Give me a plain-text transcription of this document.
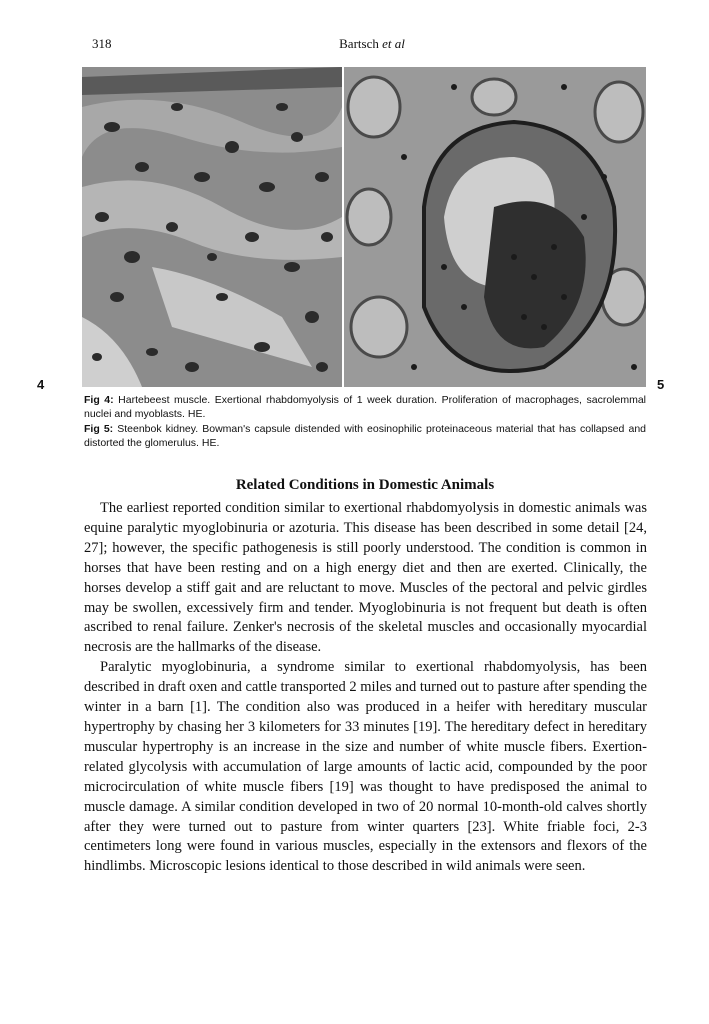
318	Bartsch et al
4	5

Fig 4: Hartebeest muscle. Exertional rhabdomyolysis of 1 week duration. Proliferation of macrophages, sacrolemmal nuclei and myoblasts. HE.

Fig 5: Steenbok kidney. Bowman's capsule distended with eosinophilic proteinaceous material that has collapsed and distorted the glomerulus. HE.

Related Conditions in Domestic Animals

The earliest reported condition similar to exertional rhabdomyolysis in domestic animals was equine paralytic myoglobinuria or azoturia. This disease has been described in some detail [24, 27]; however, the specific pathogenesis is still poorly understood. The condition is common in horses that have been resting and on a high energy diet and then are exerted. Clinically, the horses develop a stiff gait and are reluctant to move. Muscles of the pectoral and pelvic girdles may be swollen, excessively firm and tender. Myoglobinuria is not frequent but death is often ascribed to renal failure. Zenker's necrosis of the skeletal muscles and occasionally myocardial necrosis are the hallmarks of the disease.

Paralytic myoglobinuria, a syndrome similar to exertional rhabdomyolysis, has been described in draft oxen and cattle transported 2 miles and turned out to pasture after spending the winter in a barn [1]. The condition also was produced in a heifer with hereditary muscular hypertrophy by chasing her 3 kilometers for 33 minutes [19]. The hereditary defect in hereditary muscular hypertrophy is an increase in the size and number of white muscle fibers. Exertion-related glycolysis with accumulation of large amounts of lactic acid, compounded by the poor microcirculation of white muscle fibers [19] was thought to have predisposed the animal to muscle damage. A similar condition developed in two of 20 normal 10-month-old calves shortly after they were turned out to pasture from winter quarters [23]. White friable foci, 2-3 centimeters long were found in various muscles, especially in the extensors and flexors of the hindlimbs. Microscopic lesions identical to those described in wild animals were seen.
